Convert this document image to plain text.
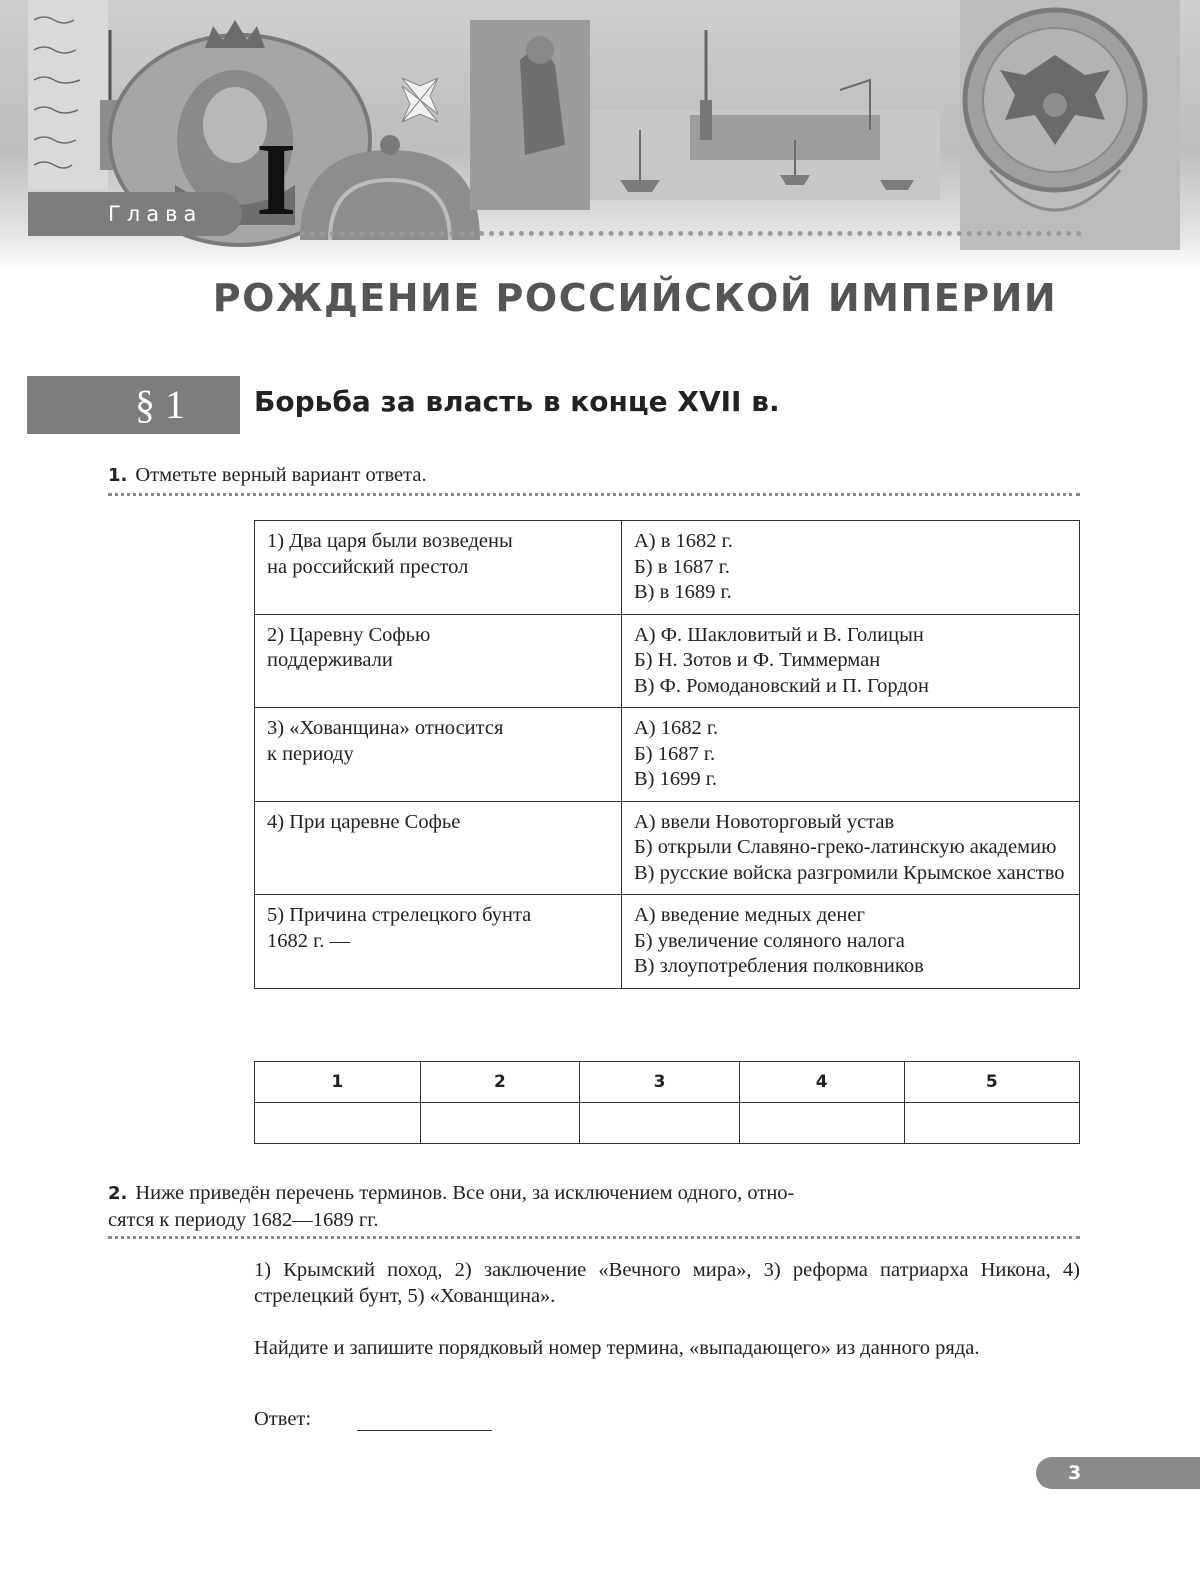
Глава I
РОЖДЕНИЕ РОССИЙСКОЙ ИМПЕРИИ
§ 1	Борьба за власть в конце XVII в.
1. Отметьте верный вариант ответа.
1) Два царя были возведены
на российский престол	А) в 1682 г.
Б) в 1687 г.
В) в 1689 г.

2) Царевну Софью
поддерживали	А) Ф. Шакловитый и В. Голицын
Б) Н. Зотов и Ф. Тиммерман
В) Ф. Ромодановский и П. Гордон

3) «Хованщина» относится
к периоду	А) 1682 г.
Б) 1687 г.
В) 1699 г.

4) При царевне Софье	А) ввели Новоторговый устав
Б) открыли Славяно-греко-латинскую академию
В) русские войска разгромили Крымское ханство

5) Причина стрелецкого бунта
1682 г. —	А) введение медных денег
Б) увеличение соляного налога
В) злоупотребления полковников
1	2	3	4	5

2. Ниже приведён перечень терминов. Все они, за исключением одного, отно-
сятся к периоду 1682—1689 гг.
1) Крымский поход, 2) заключение «Вечного мира», 3) реформа патриарха Никона, 4) стрелецкий бунт, 5) «Хованщина».
Найдите и запишите порядковый номер термина, «выпадающего» из данного ряда.
Ответ:
3
